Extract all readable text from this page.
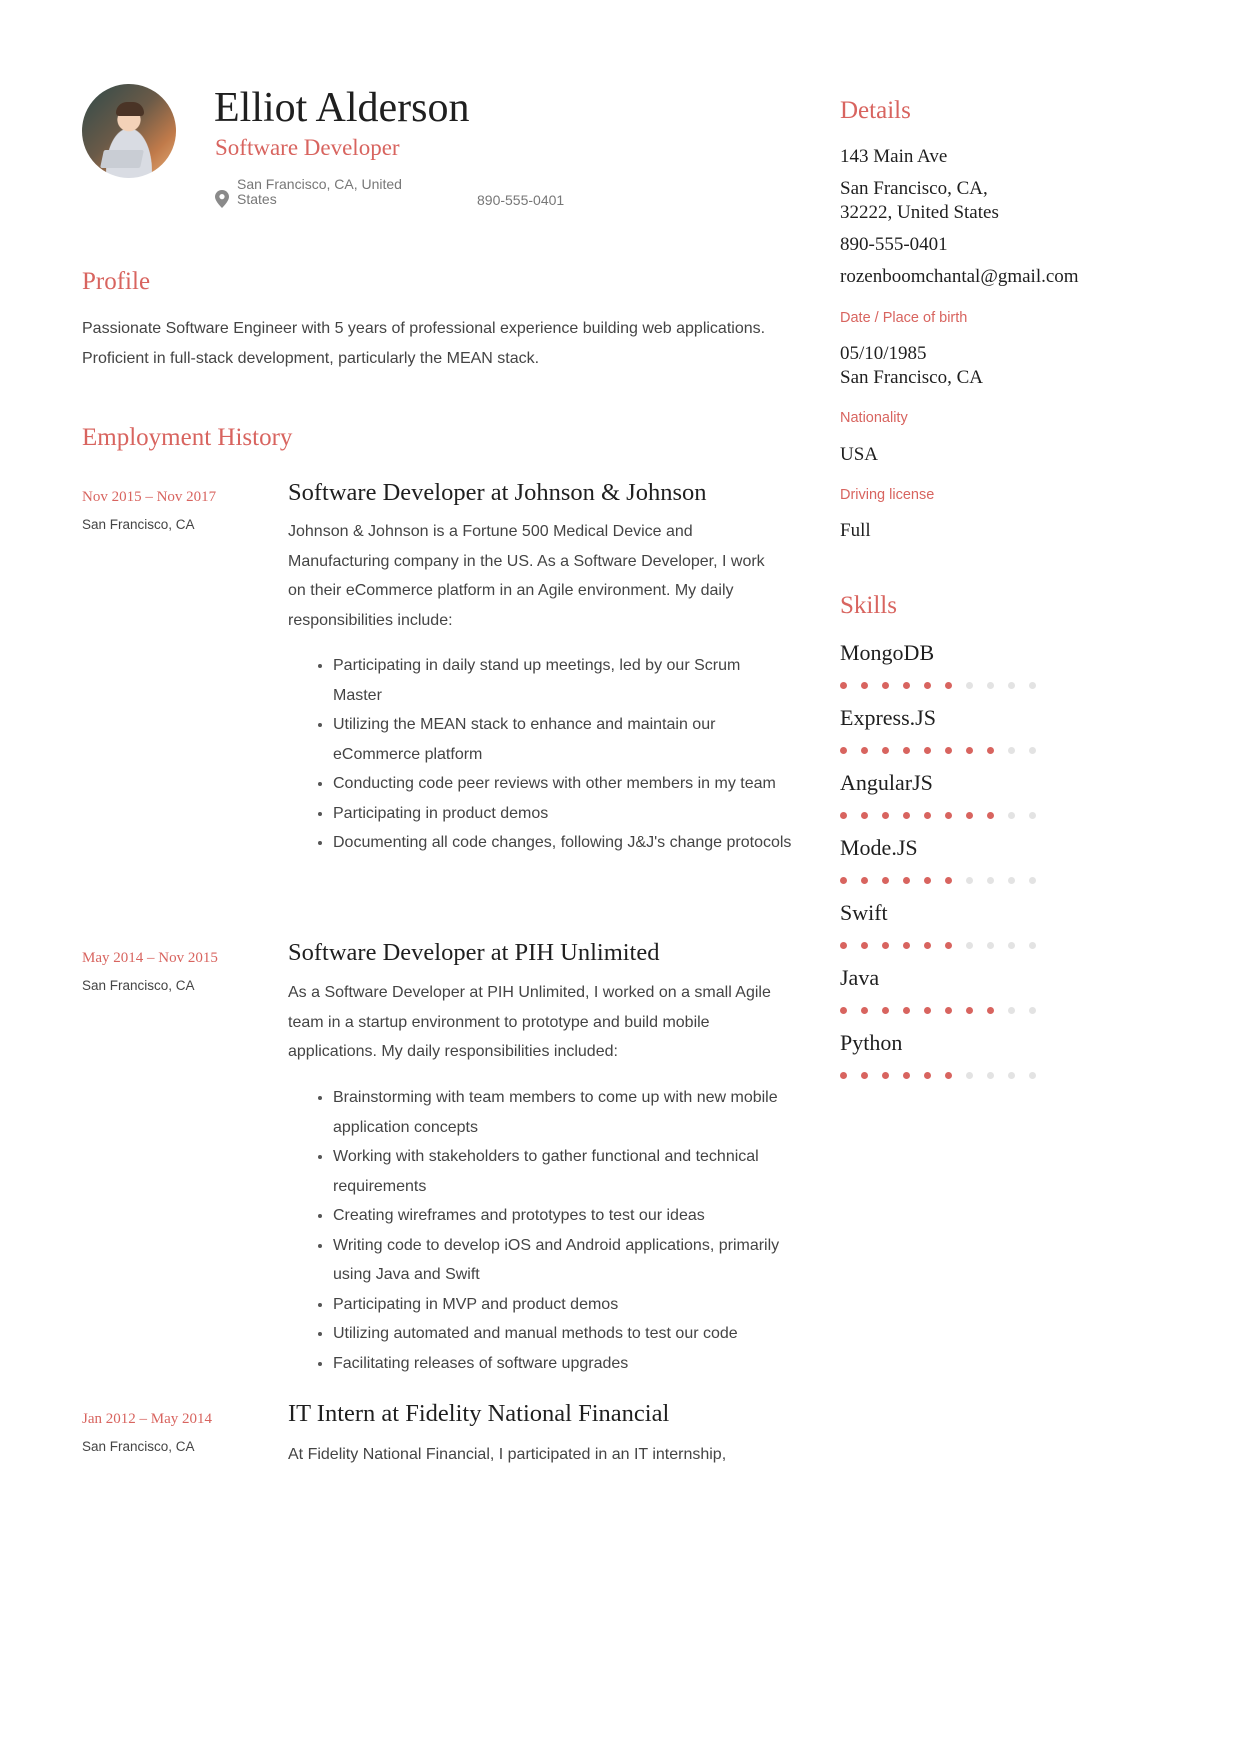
Elliot Alderson
Software Developer
San Francisco, CA, United States	890-555-0401
Profile

Passionate Software Engineer with 5 years of professional experience building web applications. Proficient in full-stack development, particularly the MEAN stack.

Employment History

Nov 2015 – Nov 2017

San Francisco, CA

Software Developer at Johnson & Johnson

Johnson & Johnson is a Fortune 500 Medical Device and Manufacturing company in the US. As a Software Developer, I work on their eCommerce platform in an Agile environment. My daily responsibilities include:

• Participating in daily stand up meetings, led by our Scrum Master
• Utilizing the MEAN stack to enhance and maintain our eCommerce platform
• Conducting code peer reviews with other members in my team
• Participating in product demos
• Documenting all code changes, following J&J's change protocols

May 2014 – Nov 2015

San Francisco, CA

Software Developer at PIH Unlimited

As a Software Developer at PIH Unlimited, I worked on a small Agile team in a startup environment to prototype and build mobile applications. My daily responsibilities included:

• Brainstorming with team members to come up with new mobile application concepts
• Working with stakeholders to gather functional and technical requirements
• Creating wireframes and prototypes to test our ideas
• Writing code to develop iOS and Android applications, primarily using Java and Swift
• Participating in MVP and product demos
• Utilizing automated and manual methods to test our code
• Facilitating releases of software upgrades

Jan 2012 – May 2014

San Francisco, CA

IT Intern at Fidelity National Financial

At Fidelity National Financial, I participated in an IT internship,

Details

143 Main Ave

San Francisco, CA,

32222, United States

890-555-0401

rozenboomchantal@gmail.com

Date / Place of birth

05/10/1985

San Francisco, CA

Nationality

USA

Driving license

Full

Skills

MongoDB

Express.JS

AngularJS

Mode.JS

Swift

Java

Python
